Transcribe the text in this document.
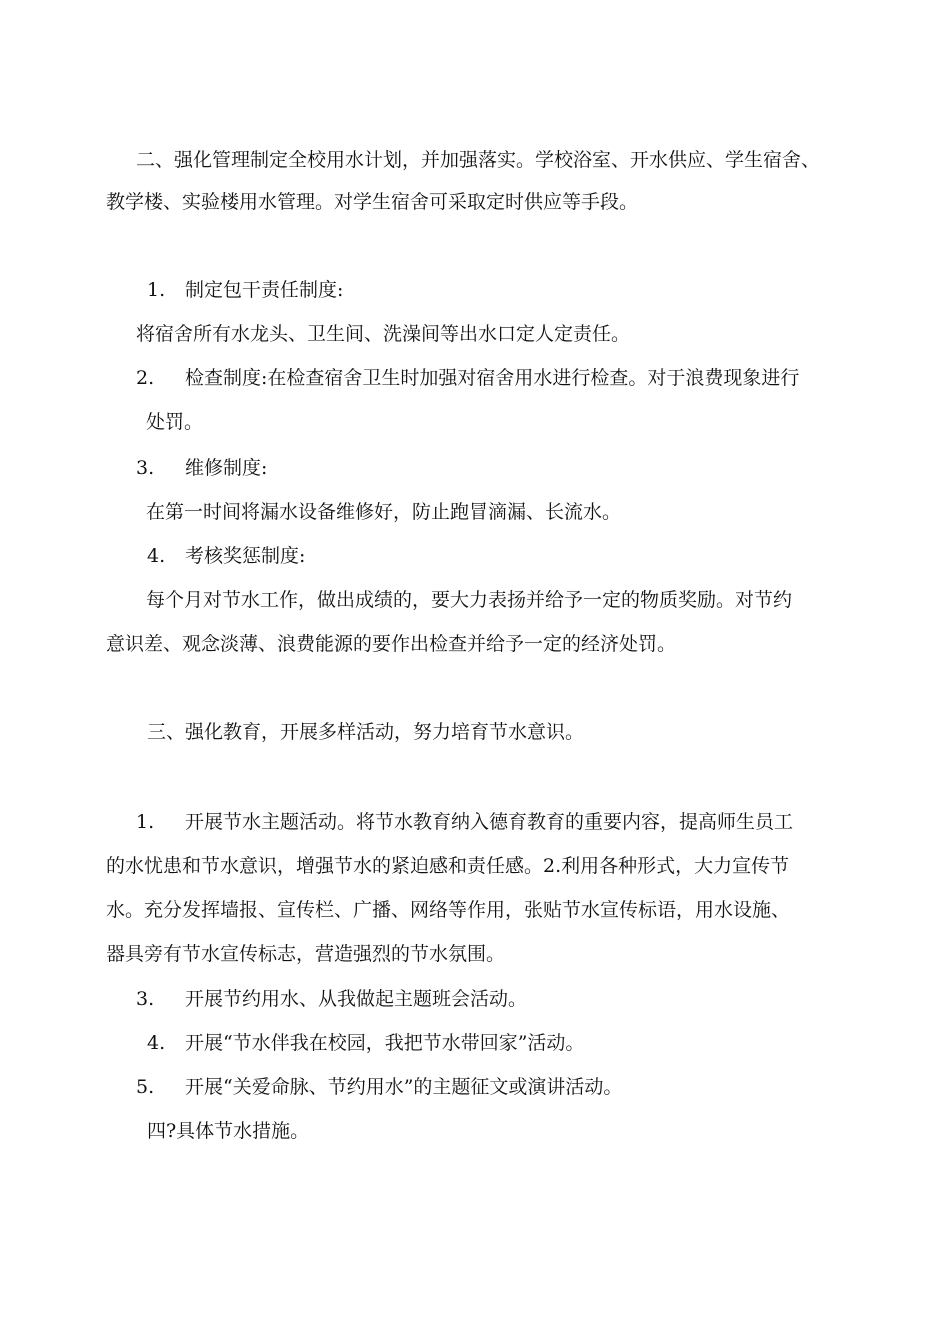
二、强化管理制定全校用水计划，并加强落实。学校浴室、开水供应、学生宿舍、
教学楼、实验楼用水管理。对学生宿舍可采取定时供应等手段。
1. 制定包干责任制度:
将宿舍所有水龙头、卫生间、洗澡间等出水口定人定责任。
2. 检查制度:在检查宿舍卫生时加强对宿舍用水进行检查。对于浪费现象进行
处罚。
3. 维修制度:
在第一时间将漏水设备维修好，防止跑冒滴漏、长流水。
4. 考核奖惩制度:
每个月对节水工作，做出成绩的，要大力表扬并给予一定的物质奖励。对节约
意识差、观念淡薄、浪费能源的要作出检查并给予一定的经济处罚。
三、强化教育，开展多样活动，努力培育节水意识。
1. 开展节水主题活动。将节水教育纳入德育教育的重要内容，提高师生员工
的水忧患和节水意识，增强节水的紧迫感和责任感。2.利用各种形式，大力宣传节
水。充分发挥墙报、宣传栏、广播、网络等作用，张贴节水宣传标语，用水设施、
器具旁有节水宣传标志，营造强烈的节水氛围。
3. 开展节约用水、从我做起主题班会活动。
4. 开展“节水伴我在校园，我把节水带回家”活动。
5. 开展“关爱命脉、节约用水”的主题征文或演讲活动。
四?具体节水措施。
